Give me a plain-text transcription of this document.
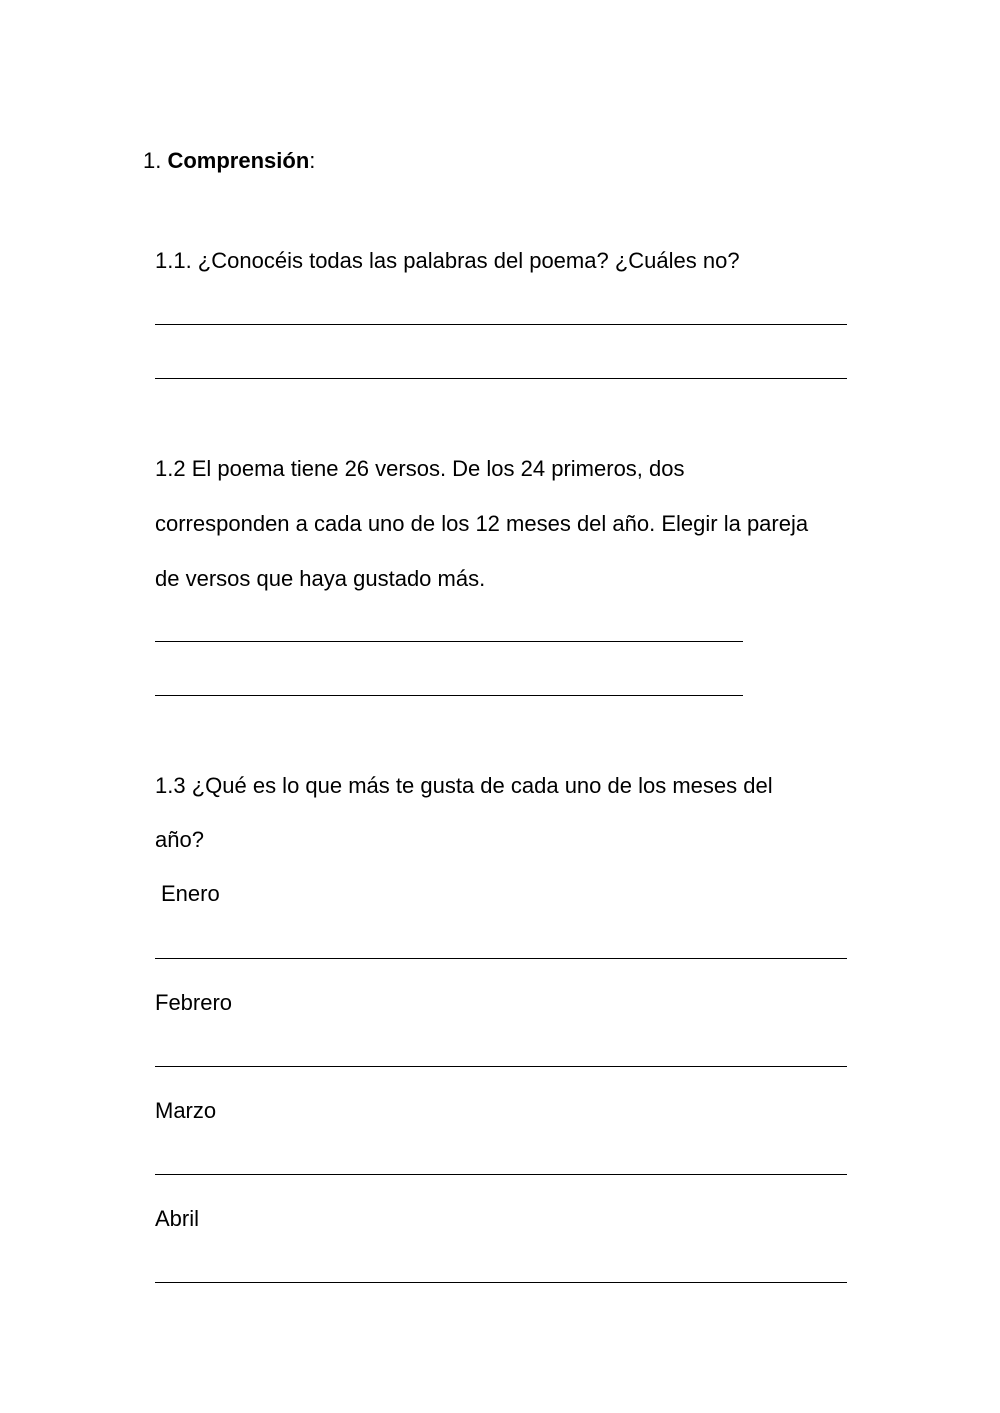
1. Comprensión:
1.1. ¿Conocéis todas las palabras del poema? ¿Cuáles no?
1.2 El poema tiene 26 versos. De los 24 primeros, dos
corresponden a cada uno de los 12 meses del año. Elegir la pareja
de versos que haya gustado más.
1.3 ¿Qué es lo que más te gusta de cada uno de los meses del
año?
Enero
Febrero
Marzo
Abril
